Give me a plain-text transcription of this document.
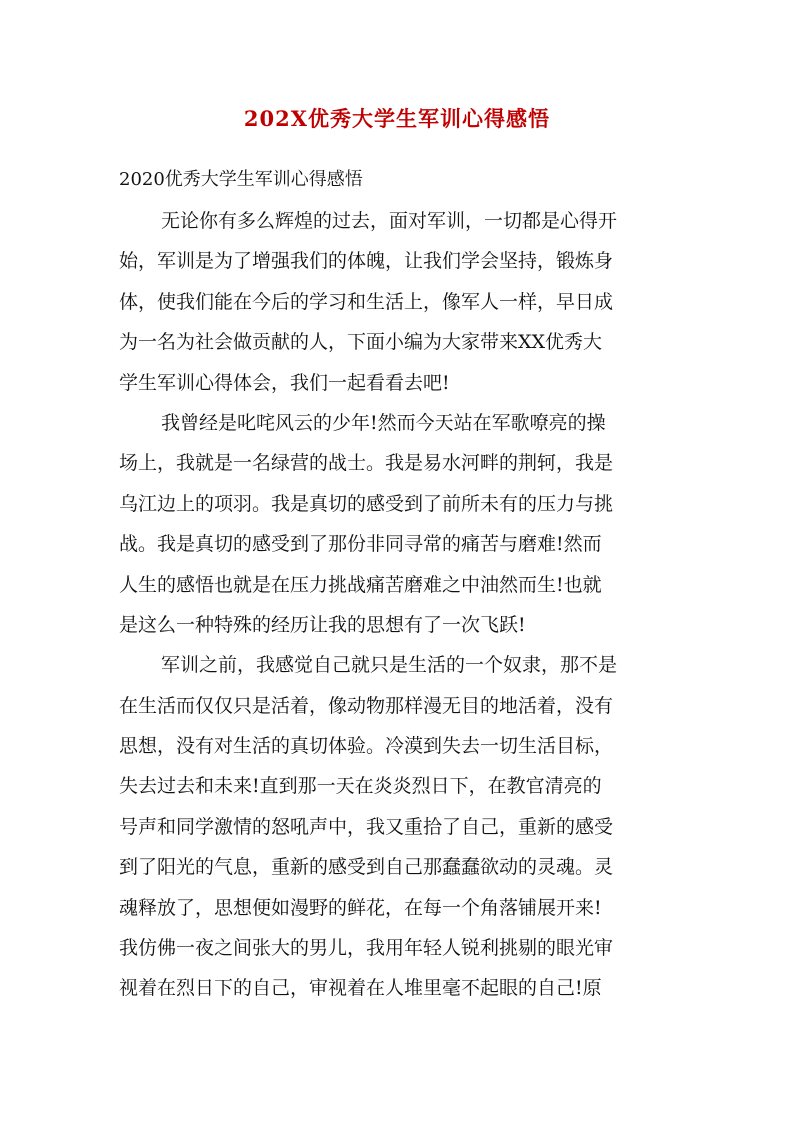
202X优秀大学生军训心得感悟
2020优秀大学生军训心得感悟

无论你有多么辉煌的过去，面对军训，一切都是心得开
始，军训是为了增强我们的体魄，让我们学会坚持，锻炼身
体，使我们能在今后的学习和生活上，像军人一样，早日成
为一名为社会做贡献的人，下面小编为大家带来XX优秀大
学生军训心得体会，我们一起看看去吧!

我曾经是叱咤风云的少年!然而今天站在军歌嘹亮的操
场上，我就是一名绿营的战士。我是易水河畔的荆轲，我是
乌江边上的项羽。我是真切的感受到了前所未有的压力与挑
战。我是真切的感受到了那份非同寻常的痛苦与磨难!然而
人生的感悟也就是在压力挑战痛苦磨难之中油然而生!也就
是这么一种特殊的经历让我的思想有了一次飞跃!

军训之前，我感觉自己就只是生活的一个奴隶，那不是
在生活而仅仅只是活着，像动物那样漫无目的地活着，没有
思想，没有对生活的真切体验。冷漠到失去一切生活目标，
失去过去和未来!直到那一天在炎炎烈日下，在教官清亮的
号声和同学激情的怒吼声中，我又重拾了自己，重新的感受
到了阳光的气息，重新的感受到自己那蠢蠢欲动的灵魂。灵
魂释放了，思想便如漫野的鲜花，在每一个角落铺展开来!
我仿佛一夜之间张大的男儿，我用年轻人锐利挑剔的眼光审
视着在烈日下的自己，审视着在人堆里毫不起眼的自己!原
